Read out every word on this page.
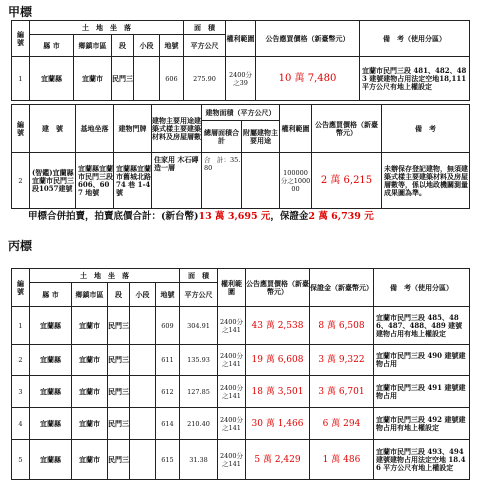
甲標
編號	土　地　坐　落					面　積	權利範圍	公告應買價格（新臺幣元）	備　考（使用分區）
	縣 市	鄉鎮市區	段	小段	地號	平方公尺			
1	宜蘭縣	宜蘭市	民門三		606	275.90	2400分之39	10 萬 7,480	宜蘭市民門三段 481、482、483 建號建物占用法定空地18,111 平方公尺有地上權設定
編號	建　號	基地坐落	建物門牌	建物主要用途建築式樣主要建築材料及房屋層數	建物面積（平方公尺）		權利範圍	公告應買價格（新臺幣元）	備　考
					總層面積合計	附屬建物主要用途			
2	(智鑑)宜蘭縣宜蘭市民門三段1057建號	宜蘭縣宜蘭市民門三段 606、607 地號	宜蘭縣宜蘭市舊城北路 74 巷 1-4 號	住家用 木石磚造一層	合　計：35.80		100000分之100000	2 萬 6,215	未辦保存登記建物，無須建築式樣主要建築材料及房屋層數等，係以地政機關測量成果圖為準。
甲標合併拍賣，拍賣底價合計：(新台幣)13 萬 3,695 元，保證金2 萬 6,739 元
丙標
編號	土　地　坐　落					面　積	權利範圍	公告應買價格（新臺幣元）	保證金（新臺幣元）	備　考（使用分區）
	縣 市	鄉鎮市區	段	小段	地號	平方公尺				
1	宜蘭縣	宜蘭市	民門三		609	304.91	2400分之141	43 萬 2,538	8 萬 6,508	宜蘭市民門三段 485、486、487、488、489 建號建物占用有地上權設定
2	宜蘭縣	宜蘭市	民門三		611	135.93	2400分之141	19 萬 6,608	3 萬 9,322	宜蘭市民門三段 490 建號建物占用
3	宜蘭縣	宜蘭市	民門三		612	127.85	2400分之141	18 萬 3,501	3 萬 6,701	宜蘭市民門三段 491 建號建物占用
4	宜蘭縣	宜蘭市	民門三		614	210.40	2400分之141	30 萬 1,466	6 萬 294	宜蘭市民門三段 492 建號建物占用有地上權設定
5	宜蘭縣	宜蘭市	民門三		615	31.38	2400分之141	5 萬 2,429	1 萬 486	宜蘭市民門三段 493、494 建號建物占用法定空地 18.46 平方公尺有地上權設定
